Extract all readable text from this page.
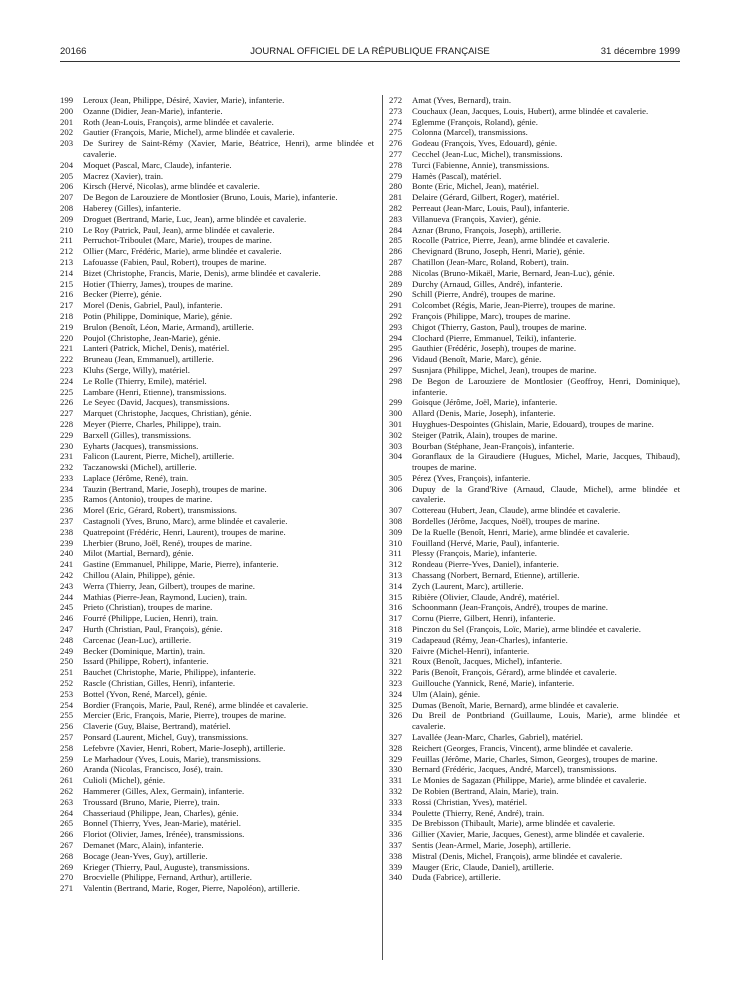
20166	JOURNAL OFFICIEL DE LA RÉPUBLIQUE FRANÇAISE	31 décembre 1999
199 Leroux (Jean, Philippe, Désiré, Xavier, Marie), infanterie.
200 Ozanne (Didier, Jean-Marie), infanterie.
201 Roth (Jean-Louis, François), arme blindée et cavalerie.
202 Gautier (François, Marie, Michel), arme blindée et cavalerie.
203 De Surirey de Saint-Rémy (Xavier, Marie, Béatrice, Henri), arme blindée et cavalerie.
204 Moquet (Pascal, Marc, Claude), infanterie.
205 Macrez (Xavier), train.
206 Kirsch (Hervé, Nicolas), arme blindée et cavalerie.
207 De Begon de Larouziere de Montlosier (Bruno, Louis, Marie), infanterie.
208 Haberey (Gilles), infanterie.
209 Droguet (Bertrand, Marie, Luc, Jean), arme blindée et cavalerie.
210 Le Roy (Patrick, Paul, Jean), arme blindée et cavalerie.
211 Perruchot-Triboulet (Marc, Marie), troupes de marine.
212 Ollier (Marc, Frédéric, Marie), arme blindée et cavalerie.
213 Lafouasse (Fabien, Paul, Robert), troupes de marine.
214 Bizet (Christophe, Francis, Marie, Denis), arme blindée et cavalerie.
215 Hotier (Thierry, James), troupes de marine.
216 Becker (Pierre), génie.
217 Morel (Denis, Gabriel, Paul), infanterie.
218 Potin (Philippe, Dominique, Marie), génie.
219 Brulon (Benoît, Léon, Marie, Armand), artillerie.
220 Poujol (Christophe, Jean-Marie), génie.
221 Lanteri (Patrick, Michel, Denis), matériel.
222 Bruneau (Jean, Emmanuel), artillerie.
223 Kluhs (Serge, Willy), matériel.
224 Le Rolle (Thierry, Emile), matériel.
225 Lambare (Henri, Etienne), transmissions.
226 Le Seyec (David, Jacques), transmissions.
227 Marquet (Christophe, Jacques, Christian), génie.
228 Meyer (Pierre, Charles, Philippe), train.
229 Barxell (Gilles), transmissions.
230 Eyharts (Jacques), transmissions.
231 Falicon (Laurent, Pierre, Michel), artillerie.
232 Taczanowski (Michel), artillerie.
233 Laplace (Jérôme, René), train.
234 Tauzin (Bertrand, Marie, Joseph), troupes de marine.
235 Ramos (Antonio), troupes de marine.
236 Morel (Eric, Gérard, Robert), transmissions.
237 Castagnoli (Yves, Bruno, Marc), arme blindée et cavalerie.
238 Quatrepoint (Frédéric, Henri, Laurent), troupes de marine.
239 Lherbier (Bruno, Joël, René), troupes de marine.
240 Milot (Martial, Bernard), génie.
241 Gastine (Emmanuel, Philippe, Marie, Pierre), infanterie.
242 Chillou (Alain, Philippe), génie.
243 Werra (Thierry, Jean, Gilbert), troupes de marine.
244 Mathias (Pierre-Jean, Raymond, Lucien), train.
245 Prieto (Christian), troupes de marine.
246 Fourré (Philippe, Lucien, Henri), train.
247 Hurth (Christian, Paul, François), génie.
248 Carcenac (Jean-Luc), artillerie.
249 Becker (Dominique, Martin), train.
250 Issard (Philippe, Robert), infanterie.
251 Bauchet (Christophe, Marie, Philippe), infanterie.
252 Rascle (Christian, Gilles, Henri), infanterie.
253 Bottel (Yvon, René, Marcel), génie.
254 Bordier (François, Marie, Paul, René), arme blindée et cavalerie.
255 Mercier (Eric, François, Marie, Pierre), troupes de marine.
256 Claverie (Guy, Blaise, Bertrand), matériel.
257 Ponsard (Laurent, Michel, Guy), transmissions.
258 Lefebvre (Xavier, Henri, Robert, Marie-Joseph), artillerie.
259 Le Marhadour (Yves, Louis, Marie), transmissions.
260 Aranda (Nicolas, Francisco, José), train.
261 Culioli (Michel), génie.
262 Hammerer (Gilles, Alex, Germain), infanterie.
263 Troussard (Bruno, Marie, Pierre), train.
264 Chasseriaud (Philippe, Jean, Charles), génie.
265 Bonnel (Thierry, Yves, Jean-Marie), matériel.
266 Floriot (Olivier, James, Irénée), transmissions.
267 Demanet (Marc, Alain), infanterie.
268 Bocage (Jean-Yves, Guy), artillerie.
269 Krieger (Thierry, Paul, Auguste), transmissions.
270 Brocvielle (Philippe, Fernand, Arthur), artillerie.
271 Valentin (Bertrand, Marie, Roger, Pierre, Napoléon), artillerie.
272 Amat (Yves, Bernard), train.
273 Couchaux (Jean, Jacques, Louis, Hubert), arme blindée et cavalerie.
274 Eglemme (François, Roland), génie.
275 Colonna (Marcel), transmissions.
276 Godeau (François, Yves, Edouard), génie.
277 Cecchel (Jean-Luc, Michel), transmissions.
278 Turci (Fabienne, Annie), transmissions.
279 Hamès (Pascal), matériel.
280 Bonte (Eric, Michel, Jean), matériel.
281 Delaire (Gérard, Gilbert, Roger), matériel.
282 Perreaut (Jean-Marc, Louis, Paul), infanterie.
283 Villanueva (François, Xavier), génie.
284 Aznar (Bruno, François, Joseph), artillerie.
285 Rocolle (Patrice, Pierre, Jean), arme blindée et cavalerie.
286 Chevignard (Bruno, Joseph, Henri, Marie), génie.
287 Chatillon (Jean-Marc, Roland, Robert), train.
288 Nicolas (Bruno-Mikaël, Marie, Bernard, Jean-Luc), génie.
289 Durchy (Arnaud, Gilles, André), infanterie.
290 Schill (Pierre, André), troupes de marine.
291 Colcombet (Régis, Marie, Jean-Pierre), troupes de marine.
292 François (Philippe, Marc), troupes de marine.
293 Chigot (Thierry, Gaston, Paul), troupes de marine.
294 Clochard (Pierre, Emmanuel, Teiki), infanterie.
295 Gauthier (Frédéric, Joseph), troupes de marine.
296 Vidaud (Benoît, Marie, Marc), génie.
297 Susnjara (Philippe, Michel, Jean), troupes de marine.
298 De Begon de Larouziere de Montlosier (Geoffroy, Henri, Dominique), infanterie.
299 Goisque (Jérôme, Joël, Marie), infanterie.
300 Allard (Denis, Marie, Joseph), infanterie.
301 Huyghues-Despointes (Ghislain, Marie, Edouard), troupes de marine.
302 Steiger (Patrik, Alain), troupes de marine.
303 Bourban (Stéphane, Jean-François), infanterie.
304 Goranflaux de la Giraudiere (Hugues, Michel, Marie, Jacques, Thibaud), troupes de marine.
305 Pérez (Yves, François), infanterie.
306 Dupuy de la Grand'Rive (Arnaud, Claude, Michel), arme blindée et cavalerie.
307 Cottereau (Hubert, Jean, Claude), arme blindée et cavalerie.
308 Bordelles (Jérôme, Jacques, Noël), troupes de marine.
309 De la Ruelle (Benoît, Henri, Marie), arme blindée et cavalerie.
310 Fouilland (Hervé, Marie, Paul), infanterie.
311 Plessy (François, Marie), infanterie.
312 Rondeau (Pierre-Yves, Daniel), infanterie.
313 Chassang (Norbert, Bernard, Etienne), artillerie.
314 Zych (Laurent, Marc), artillerie.
315 Ribière (Olivier, Claude, André), matériel.
316 Schoonmann (Jean-François, André), troupes de marine.
317 Cornu (Pierre, Gilbert, Henri), infanterie.
318 Pinczon du Sel (François, Loïc, Marie), arme blindée et cavalerie.
319 Cadapeaud (Rémy, Jean-Charles), infanterie.
320 Faivre (Michel-Henri), infanterie.
321 Roux (Benoît, Jacques, Michel), infanterie.
322 Paris (Benoît, François, Gérard), arme blindée et cavalerie.
323 Guillouche (Yannick, René, Marie), infanterie.
324 Ulm (Alain), génie.
325 Dumas (Benoît, Marie, Bernard), arme blindée et cavalerie.
326 Du Breil de Pontbriand (Guillaume, Louis, Marie), arme blindée et cavalerie.
327 Lavallée (Jean-Marc, Charles, Gabriel), matériel.
328 Reichert (Georges, Francis, Vincent), arme blindée et cavalerie.
329 Feuillas (Jérôme, Marie, Charles, Simon, Georges), troupes de marine.
330 Bernard (Frédéric, Jacques, André, Marcel), transmissions.
331 Le Monies de Sagazan (Philippe, Marie), arme blindée et cavalerie.
332 De Robien (Bertrand, Alain, Marie), train.
333 Rossi (Christian, Yves), matériel.
334 Poulette (Thierry, René, André), train.
335 De Brebisson (Thibault, Marie), arme blindée et cavalerie.
336 Gillier (Xavier, Marie, Jacques, Genest), arme blindée et cavalerie.
337 Sentis (Jean-Armel, Marie, Joseph), artillerie.
338 Mistral (Denis, Michel, François), arme blindée et cavalerie.
339 Mauger (Eric, Claude, Daniel), artillerie.
340 Duda (Fabrice), artillerie.
